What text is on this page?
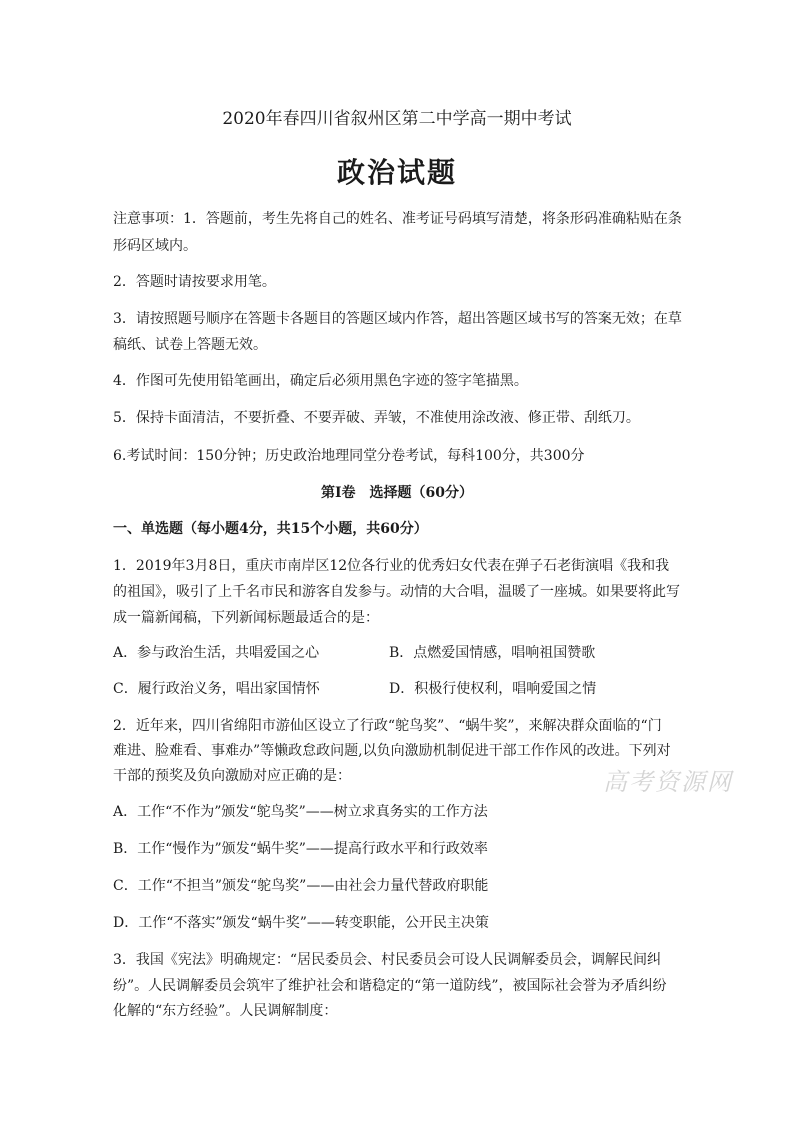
2020年春四川省叙州区第二中学高一期中考试
政治试题
注意事项：1．答题前，考生先将自己的姓名、准考证号码填写清楚，将条形码准确粘贴在条
形码区域内。
2．答题时请按要求用笔。
3．请按照题号顺序在答题卡各题目的答题区域内作答，超出答题区域书写的答案无效；在草
稿纸、试卷上答题无效。
4．作图可先使用铅笔画出，确定后必须用黑色字迹的签字笔描黑。
5．保持卡面清洁，不要折叠、不要弄破、弄皱，不准使用涂改液、修正带、刮纸刀。
6.考试时间：150分钟；历史政治地理同堂分卷考试，每科100分，共300分
第I卷　选择题（60分）
一、单选题（每小题4分，共15个小题，共60分）
1．2019年3月8日，重庆市南岸区12位各行业的优秀妇女代表在弹子石老街演唱《我和我
的祖国》，吸引了上千名市民和游客自发参与。动情的大合唱，温暖了一座城。如果要将此写
成一篇新闻稿，下列新闻标题最适合的是：
A．参与政治生活，共唱爱国之心	B．点燃爱国情感，唱响祖国赞歌
C．履行政治义务，唱出家国情怀	D．积极行使权利，唱响爱国之情
2．近年来，四川省绵阳市游仙区设立了行政“鸵鸟奖”、“蜗牛奖”，来解决群众面临的“门
难进、脸难看、事难办”等懒政怠政问题,以负向激励机制促进干部工作作风的改进。下列对
干部的预奖及负向激励对应正确的是：
A．工作“不作为”颁发“鸵鸟奖”——树立求真务实的工作方法
B．工作“慢作为”颁发“蜗牛奖”——提高行政水平和行政效率
C．工作“不担当”颁发“鸵鸟奖”——由社会力量代替政府职能
D．工作“不落实”颁发“蜗牛奖”——转变职能，公开民主决策
3．我国《宪法》明确规定：“居民委员会、村民委员会可设人民调解委员会，调解民间纠
纷”。人民调解委员会筑牢了维护社会和谐稳定的“第一道防线”，被国际社会誉为矛盾纠纷
化解的“东方经验”。人民调解制度：
高考资源网
